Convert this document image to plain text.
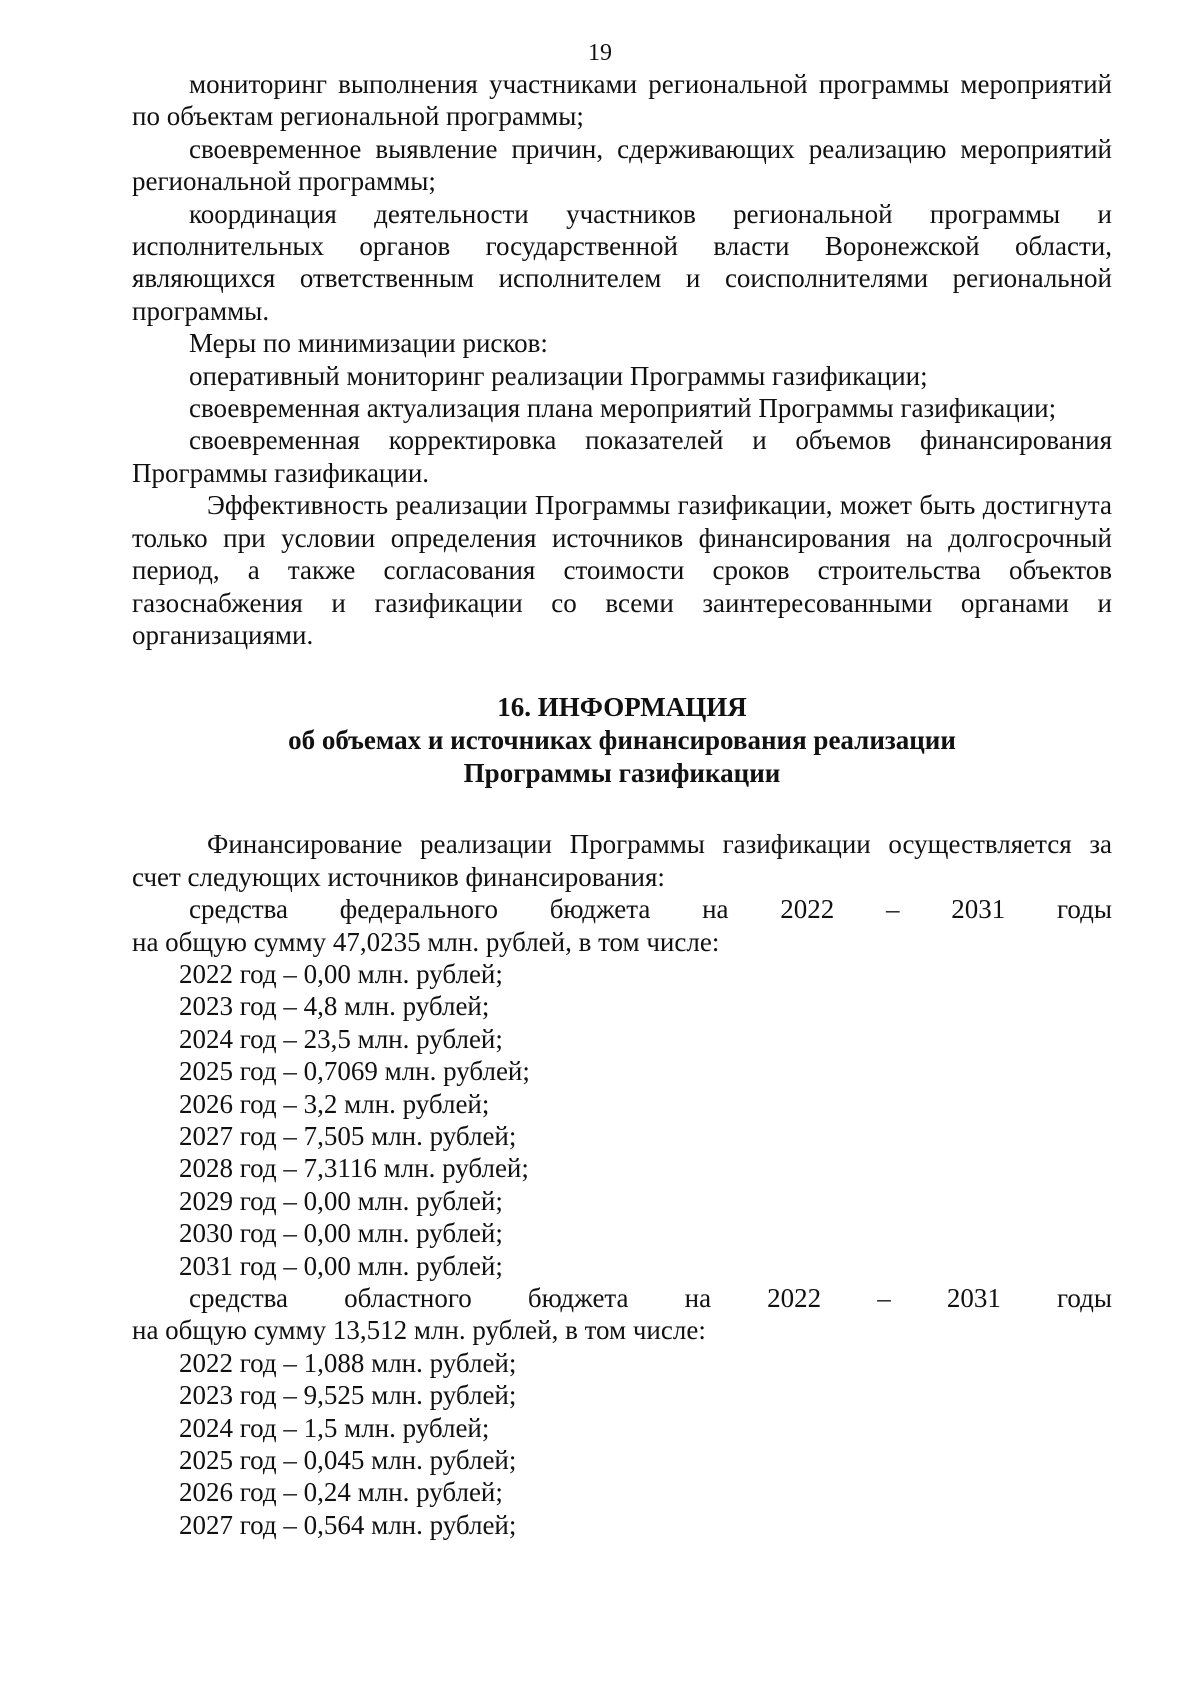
19

мониторинг выполнения участниками региональной программы мероприятий по объектам региональной программы;

своевременное выявление причин, сдерживающих реализацию мероприятий региональной программы;

координация деятельности участников региональной программы и исполнительных органов государственной власти Воронежской области, являющихся ответственным исполнителем и соисполнителями региональной программы.

Меры по минимизации рисков:

оперативный мониторинг реализации Программы газификации;

своевременная актуализация плана мероприятий Программы газификации;

своевременная корректировка показателей и объемов финансирования Программы газификации.

Эффективность реализации Программы газификации, может быть достигнута только при условии определения источников финансирования на долгосрочный период, а также согласования стоимости сроков строительства объектов газоснабжения и газификации со всеми заинтересованными органами и организациями.

16. ИНФОРМАЦИЯ

об объемах и источниках финансирования реализации

Программы газификации

Финансирование реализации Программы газификации осуществляется за счет следующих источников финансирования:

средства федерального бюджета на 2022 – 2031 годы

на общую сумму 47,0235 млн. рублей, в том числе:

2022 год – 0,00 млн. рублей;
2023 год – 4,8 млн. рублей;
2024 год – 23,5 млн. рублей;
2025 год – 0,7069 млн. рублей;
2026 год – 3,2 млн. рублей;
2027 год – 7,505 млн. рублей;
2028 год – 7,3116 млн. рублей;
2029 год – 0,00 млн. рублей;
2030 год – 0,00 млн. рублей;
2031 год – 0,00 млн. рублей;

средства областного бюджета на 2022 – 2031 годы

на общую сумму 13,512 млн. рублей, в том числе:

2022 год – 1,088 млн. рублей;
2023 год – 9,525 млн. рублей;
2024 год – 1,5 млн. рублей;
2025 год – 0,045 млн. рублей;
2026 год – 0,24 млн. рублей;
2027 год – 0,564 млн. рублей;
